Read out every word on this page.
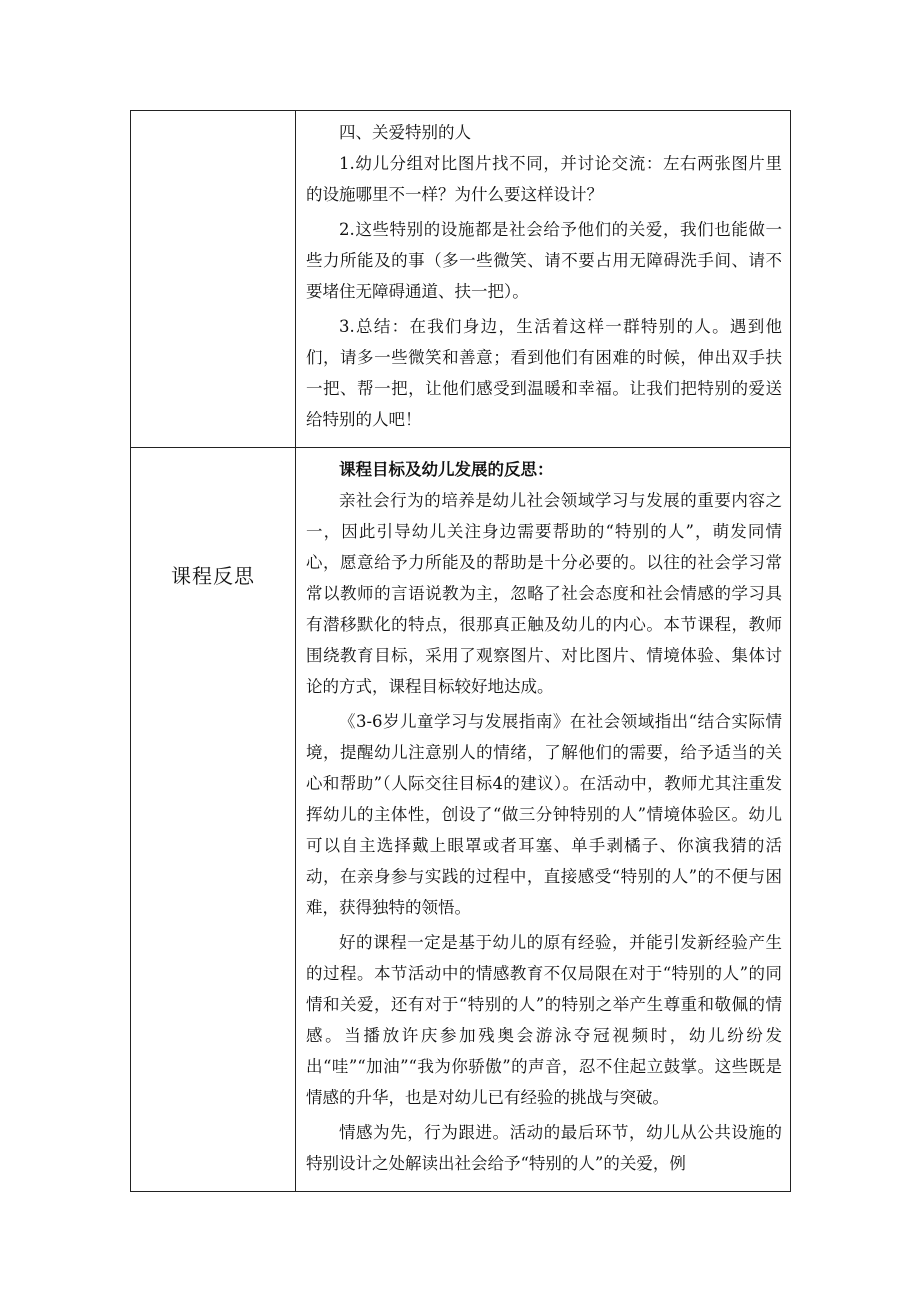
	四、关爱特别的人

1.幼儿分组对比图片找不同，并讨论交流：左右两张图片里的设施哪里不一样？为什么要这样设计？

2.这些特别的设施都是社会给予他们的关爱，我们也能做一些力所能及的事（多一些微笑、请不要占用无障碍洗手间、请不要堵住无障碍通道、扶一把）。

3.总结：在我们身边，生活着这样一群特别的人。遇到他们，请多一些微笑和善意；看到他们有困难的时候，伸出双手扶一把、帮一把，让他们感受到温暖和幸福。让我们把特别的爱送给特别的人吧！

课程反思	课程目标及幼儿发展的反思：

亲社会行为的培养是幼儿社会领域学习与发展的重要内容之一，因此引导幼儿关注身边需要帮助的“特别的人”，萌发同情心，愿意给予力所能及的帮助是十分必要的。以往的社会学习常常以教师的言语说教为主，忽略了社会态度和社会情感的学习具有潜移默化的特点，很那真正触及幼儿的内心。本节课程，教师围绕教育目标，采用了观察图片、对比图片、情境体验、集体讨论的方式，课程目标较好地达成。

《3-6岁儿童学习与发展指南》在社会领域指出“结合实际情境，提醒幼儿注意别人的情绪，了解他们的需要，给予适当的关心和帮助”（人际交往目标4的建议）。在活动中，教师尤其注重发挥幼儿的主体性，创设了“做三分钟特别的人”情境体验区。幼儿可以自主选择戴上眼罩或者耳塞、单手剥橘子、你演我猜的活动，在亲身参与实践的过程中，直接感受“特别的人”的不便与困难，获得独特的领悟。

好的课程一定是基于幼儿的原有经验，并能引发新经验产生的过程。本节活动中的情感教育不仅局限在对于“特别的人”的同情和关爱，还有对于“特别的人”的特别之举产生尊重和敬佩的情感。当播放许庆参加残奥会游泳夺冠视频时，幼儿纷纷发出“哇”“加油”“我为你骄傲”的声音，忍不住起立鼓掌。这些既是情感的升华，也是对幼儿已有经验的挑战与突破。

情感为先，行为跟进。活动的最后环节，幼儿从公共设施的特别设计之处解读出社会给予“特别的人”的关爱，例
